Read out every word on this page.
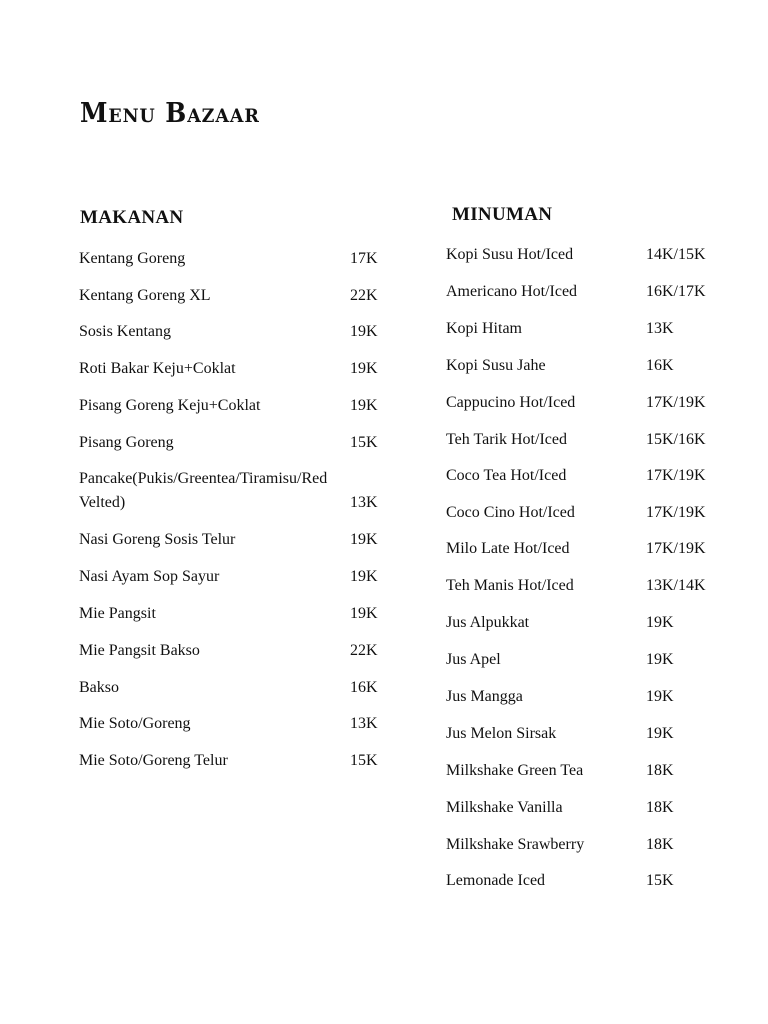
Menu Bazaar
MAKANAN	MINUMAN
Kentang Goreng	17K
Kentang Goreng XL	22K
Sosis Kentang	19K
Roti Bakar Keju+Coklat	19K
Pisang Goreng Keju+Coklat	19K
Pisang Goreng	15K
Pancake(Pukis/Greentea/Tiramisu/Red Velted)	13K
Nasi Goreng Sosis Telur	19K
Nasi Ayam Sop Sayur	19K
Mie Pangsit	19K
Mie Pangsit Bakso	22K
Bakso	16K
Mie Soto/Goreng	13K
Mie Soto/Goreng Telur	15K
Kopi Susu Hot/Iced	14K/15K
Americano Hot/Iced	16K/17K
Kopi Hitam	13K
Kopi Susu Jahe	16K
Cappucino Hot/Iced	17K/19K
Teh Tarik Hot/Iced	15K/16K
Coco Tea Hot/Iced	17K/19K
Coco Cino Hot/Iced	17K/19K
Milo Late Hot/Iced	17K/19K
Teh Manis Hot/Iced	13K/14K
Jus Alpukkat	19K
Jus Apel	19K
Jus Mangga	19K
Jus Melon Sirsak	19K
Milkshake Green Tea	18K
Milkshake Vanilla	18K
Milkshake Srawberry	18K
Lemonade Iced	15K
